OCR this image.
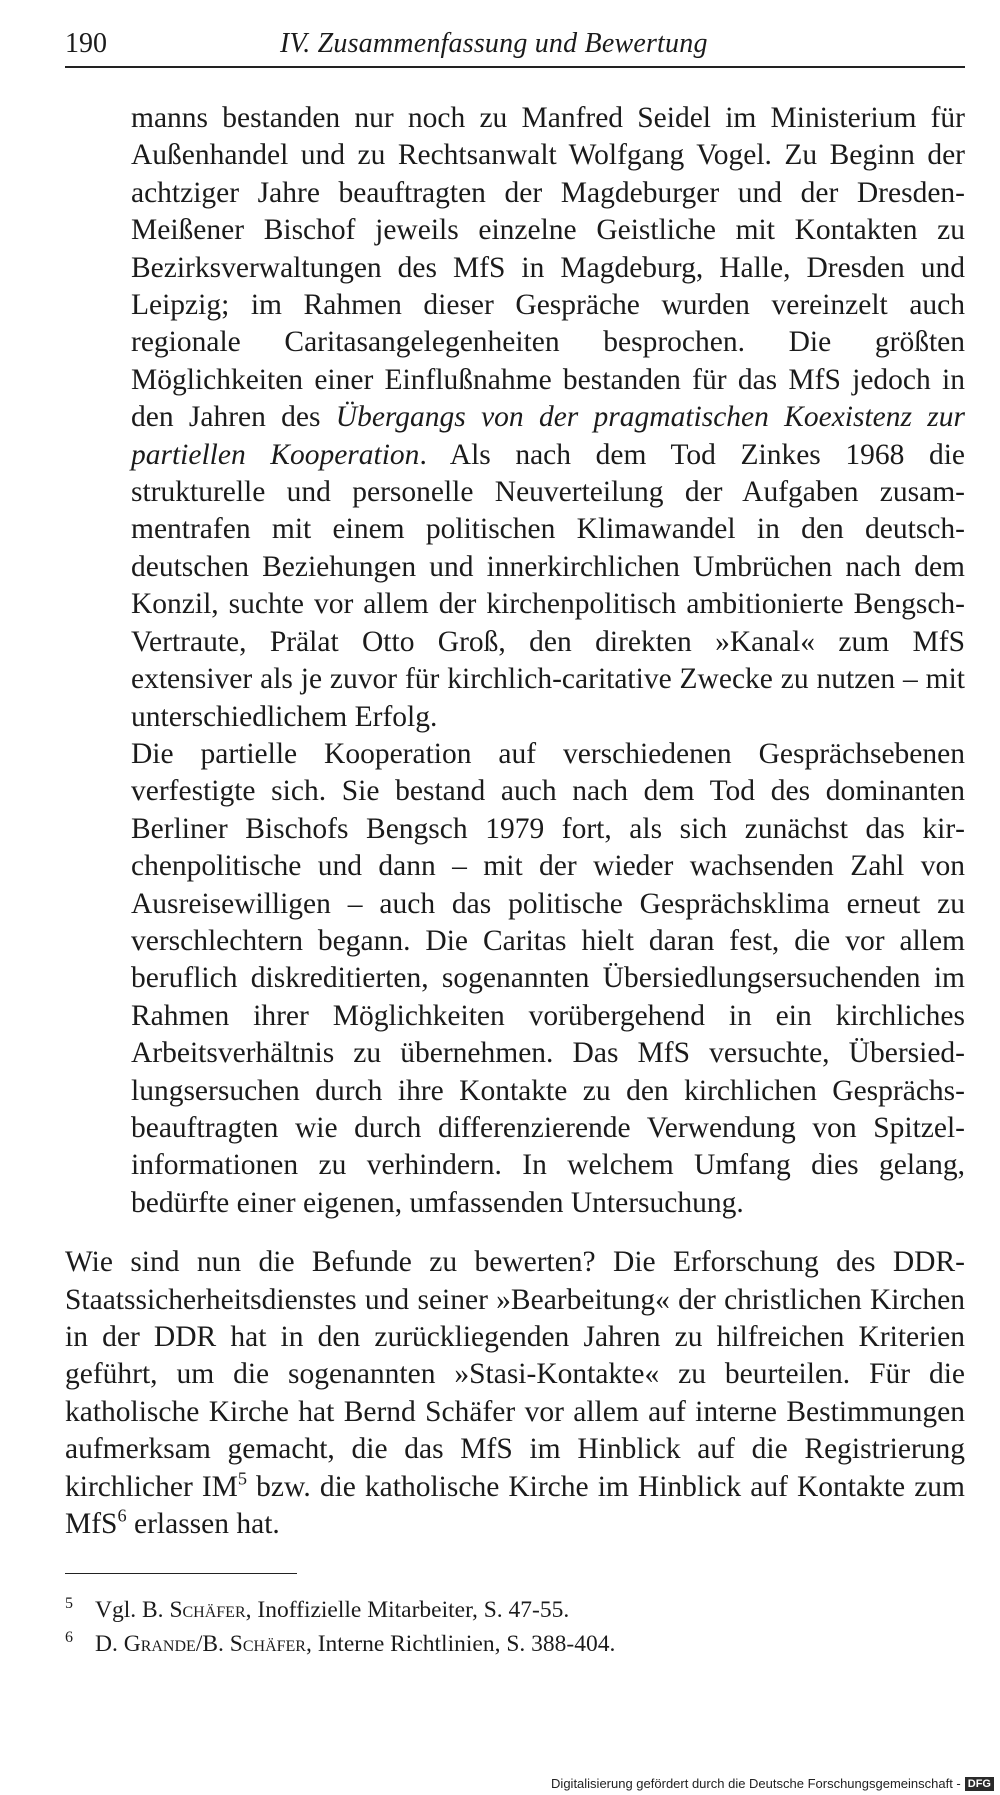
190	IV. Zusammenfassung und Bewertung

manns bestanden nur noch zu Manfred Seidel im Ministerium für Außenhandel und zu Rechtsanwalt Wolfgang Vogel. Zu Beginn der achtziger Jahre beauftragten der Magdeburger und der Dresden-Meißener Bischof jeweils einzelne Geistliche mit Kontakten zu Bezirksverwaltungen des MfS in Magdeburg, Halle, Dresden und Leipzig; im Rahmen dieser Gespräche wurden vereinzelt auch regionale Caritasangelegenheiten besprochen. Die größten Möglichkeiten einer Einflußnahme bestanden für das MfS jedoch in den Jahren des Übergangs von der pragmatischen Koexistenz zur partiellen Kooperation. Als nach dem Tod Zinkes 1968 die strukturelle und personelle Neuverteilung der Aufgaben zusammentrafen mit einem politischen Klimawandel in den deutsch-deutschen Beziehungen und innerkirchlichen Umbrüchen nach dem Konzil, suchte vor allem der kirchenpolitisch ambitionierte Bengsch-Vertraute, Prälat Otto Groß, den direkten »Kanal« zum MfS extensiver als je zuvor für kirchlich-caritative Zwecke zu nutzen – mit unterschiedlichem Erfolg.

Die partielle Kooperation auf verschiedenen Gesprächsebenen verfestigte sich. Sie bestand auch nach dem Tod des dominanten Berliner Bischofs Bengsch 1979 fort, als sich zunächst das kirchenpolitische und dann – mit der wieder wachsenden Zahl von Ausreisewilligen – auch das politische Gesprächsklima erneut zu verschlechtern begann. Die Caritas hielt daran fest, die vor allem beruflich diskreditierten, sogenannten Übersiedlungsersuchenden im Rahmen ihrer Möglichkeiten vorübergehend in ein kirchliches Arbeitsverhältnis zu übernehmen. Das MfS versuchte, Übersiedlungsersuchen durch ihre Kontakte zu den kirchlichen Gesprächsbeauftragten wie durch differenzierende Verwendung von Spitzelinformationen zu verhindern. In welchem Umfang dies gelang, bedürfte einer eigenen, umfassenden Untersuchung.

Wie sind nun die Befunde zu bewerten? Die Erforschung des DDR-Staatssicherheitsdienstes und seiner »Bearbeitung« der christlichen Kirchen in der DDR hat in den zurückliegenden Jahren zu hilfreichen Kriterien geführt, um die sogenannten »Stasi-Kontakte« zu beurteilen. Für die katholische Kirche hat Bernd Schäfer vor allem auf interne Bestimmungen aufmerksam gemacht, die das MfS im Hinblick auf die Registrierung kirchlicher $IM^5$ bzw. die katholische Kirche im Hinblick auf Kontakte zum MfS$^6$ erlassen hat.

5 Vgl. B. Schäfer, Inoffizielle Mitarbeiter, S. 47-55.
6 D. Grande/B. Schäfer, Interne Richtlinien, S. 388-404.
Digitalisierung gefördert durch die Deutsche Forschungsgemeinschaft - DFG
